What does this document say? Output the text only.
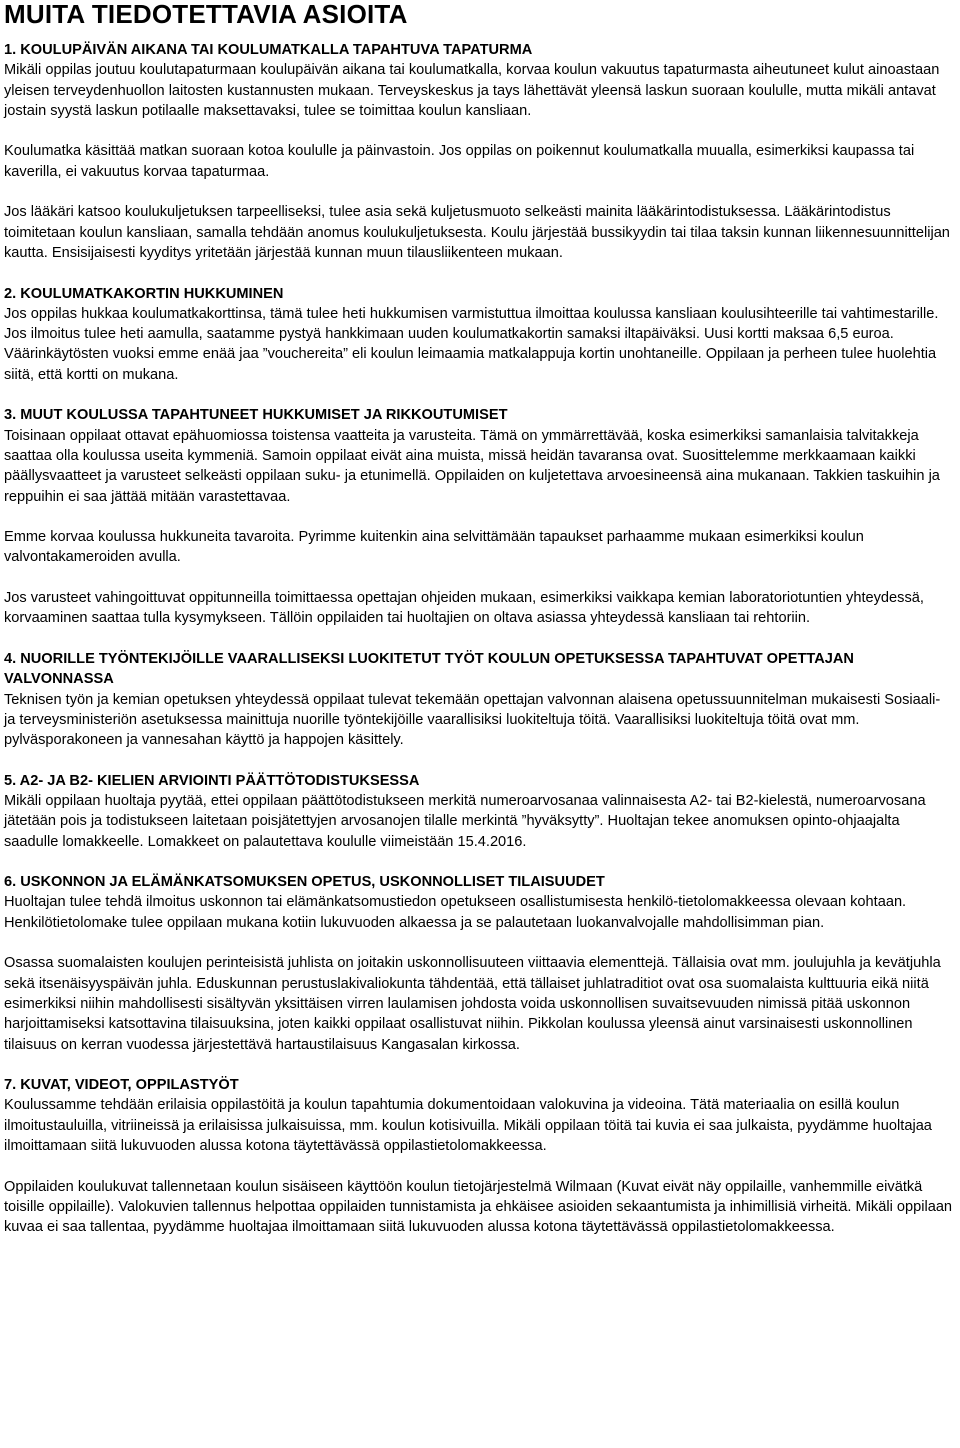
MUITA TIEDOTETTAVIA ASIOITA
1. KOULUPÄIVÄN AIKANA TAI KOULUMATKALLA TAPAHTUVA TAPATURMA

Mikäli oppilas joutuu koulutapaturmaan koulupäivän aikana tai koulumatkalla, korvaa koulun vakuutus tapaturmasta aiheutuneet kulut ainoastaan yleisen terveydenhuollon laitosten kustannusten mukaan. Terveyskeskus ja tays lähettävät yleensä laskun suoraan koululle, mutta mikäli antavat jostain syystä laskun potilaalle maksettavaksi, tulee se toimittaa koulun kansliaan.

Koulumatka käsittää matkan suoraan kotoa koululle ja päinvastoin. Jos oppilas on poikennut koulumatkalla muualla, esimerkiksi kaupassa tai kaverilla, ei vakuutus korvaa tapaturmaa.

Jos lääkäri katsoo koulukuljetuksen tarpeelliseksi, tulee asia sekä kuljetusmuoto selkeästi mainita lääkärintodistuksessa. Lääkärintodistus toimitetaan koulun kansliaan, samalla tehdään anomus koulukuljetuksesta. Koulu järjestää bussikyydin tai tilaa taksin kunnan liikennesuunnittelijan kautta. Ensisijaisesti kyyditys yritetään järjestää kunnan muun tilausliikenteen mukaan.

2. KOULUMATKAKORTIN HUKKUMINEN

Jos oppilas hukkaa koulumatkakorttinsa, tämä tulee heti hukkumisen varmistuttua ilmoittaa koulussa kansliaan koulusihteerille tai vahtimestarille. Jos ilmoitus tulee heti aamulla, saatamme pystyä hankkimaan uuden koulumatkakortin samaksi iltapäiväksi. Uusi kortti maksaa 6,5 euroa. Väärinkäytösten vuoksi emme enää jaa ”vouchereita” eli koulun leimaamia matkalappuja kortin unohtaneille. Oppilaan ja perheen tulee huolehtia siitä, että kortti on mukana.

3. MUUT KOULUSSA TAPAHTUNEET HUKKUMISET JA RIKKOUTUMISET

Toisinaan oppilaat ottavat epähuomiossa toistensa vaatteita ja varusteita. Tämä on ymmärrettävää, koska esimerkiksi samanlaisia talvitakkeja saattaa olla koulussa useita kymmeniä. Samoin oppilaat eivät aina muista, missä heidän tavaransa ovat. Suosittelemme merkkaamaan kaikki päällysvaatteet ja varusteet selkeästi oppilaan suku- ja etunimellä. Oppilaiden on kuljetettava arvoesineensä aina mukanaan. Takkien taskuihin ja reppuihin ei saa jättää mitään varastettavaa.

Emme korvaa koulussa hukkuneita tavaroita. Pyrimme kuitenkin aina selvittämään tapaukset parhaamme mukaan esimerkiksi koulun valvontakameroiden avulla.

Jos varusteet vahingoittuvat oppitunneilla toimittaessa opettajan ohjeiden mukaan, esimerkiksi vaikkapa kemian laboratoriotuntien yhteydessä, korvaaminen saattaa tulla kysymykseen. Tällöin oppilaiden tai huoltajien on oltava asiassa yhteydessä kansliaan tai rehtoriin.

4. NUORILLE TYÖNTEKIJÖILLE VAARALLISEKSI LUOKITETUT TYÖT KOULUN OPETUKSESSA TAPAHTUVAT OPETTAJAN VALVONNASSA

Teknisen työn ja kemian opetuksen yhteydessä oppilaat tulevat tekemään opettajan valvonnan alaisena opetussuunnitelman mukaisesti Sosiaali- ja terveysministeriön asetuksessa mainittuja nuorille työntekijöille vaarallisiksi luokiteltuja töitä. Vaarallisiksi luokiteltuja töitä ovat mm. pylväsporakoneen ja vannesahan käyttö ja happojen käsittely.

5. A2- JA B2- KIELIEN ARVIOINTI PÄÄTTÖTODISTUKSESSA

Mikäli oppilaan huoltaja pyytää, ettei oppilaan päättötodistukseen merkitä numeroarvosanaa valinnaisesta A2- tai B2-kielestä, numeroarvosana jätetään pois ja todistukseen laitetaan poisjätettyjen arvosanojen tilalle merkintä ”hyväksytty”. Huoltajan tekee anomuksen opinto-ohjaajalta saadulle lomakkeelle. Lomakkeet on palautettava koululle viimeistään 15.4.2016.

6. USKONNON JA ELÄMÄNKATSOMUKSEN OPETUS, USKONNOLLISET TILAISUUDET

Huoltajan tulee tehdä ilmoitus uskonnon tai elämänkatsomustiedon opetukseen osallistumisesta henkilö-tietolomakkeessa olevaan kohtaan. Henkilötietolomake tulee oppilaan mukana kotiin lukuvuoden alkaessa ja se palautetaan luokanvalvojalle mahdollisimman pian.

Osassa suomalaisten koulujen perinteisistä juhlista on joitakin uskonnollisuuteen viittaavia elementtejä. Tällaisia ovat mm. joulujuhla ja kevätjuhla sekä itsenäisyyspäivän juhla. Eduskunnan perustuslakivaliokunta tähdentää, että tällaiset juhlatraditiot ovat osa suomalaista kulttuuria eikä niitä esimerkiksi niihin mahdollisesti sisältyvän yksittäisen virren laulamisen johdosta voida uskonnollisen suvaitsevuuden nimissä pitää uskonnon harjoittamiseksi katsottavina tilaisuuksina, joten kaikki oppilaat osallistuvat niihin. Pikkolan koulussa yleensä ainut varsinaisesti uskonnollinen tilaisuus on kerran vuodessa järjestettävä hartaustilaisuus Kangasalan kirkossa.

7. KUVAT, VIDEOT, OPPILASTYÖT

Koulussamme tehdään erilaisia oppilastöitä ja koulun tapahtumia dokumentoidaan valokuvina ja videoina. Tätä materiaalia on esillä koulun ilmoitustauluilla, vitriineissä ja erilaisissa julkaisuissa, mm. koulun kotisivuilla. Mikäli oppilaan töitä tai kuvia ei saa julkaista, pyydämme huoltajaa ilmoittamaan siitä lukuvuoden alussa kotona täytettävässä oppilastietolomakkeessa.

Oppilaiden koulukuvat tallennetaan koulun sisäiseen käyttöön koulun tietojärjestelmä Wilmaan (Kuvat eivät näy oppilaille, vanhemmille eivätkä toisille oppilaille). Valokuvien tallennus helpottaa oppilaiden tunnistamista ja ehkäisee asioiden sekaantumista ja inhimillisiä virheitä. Mikäli oppilaan kuvaa ei saa tallentaa, pyydämme huoltajaa ilmoittamaan siitä lukuvuoden alussa kotona täytettävässä oppilastietolomakkeessa.
